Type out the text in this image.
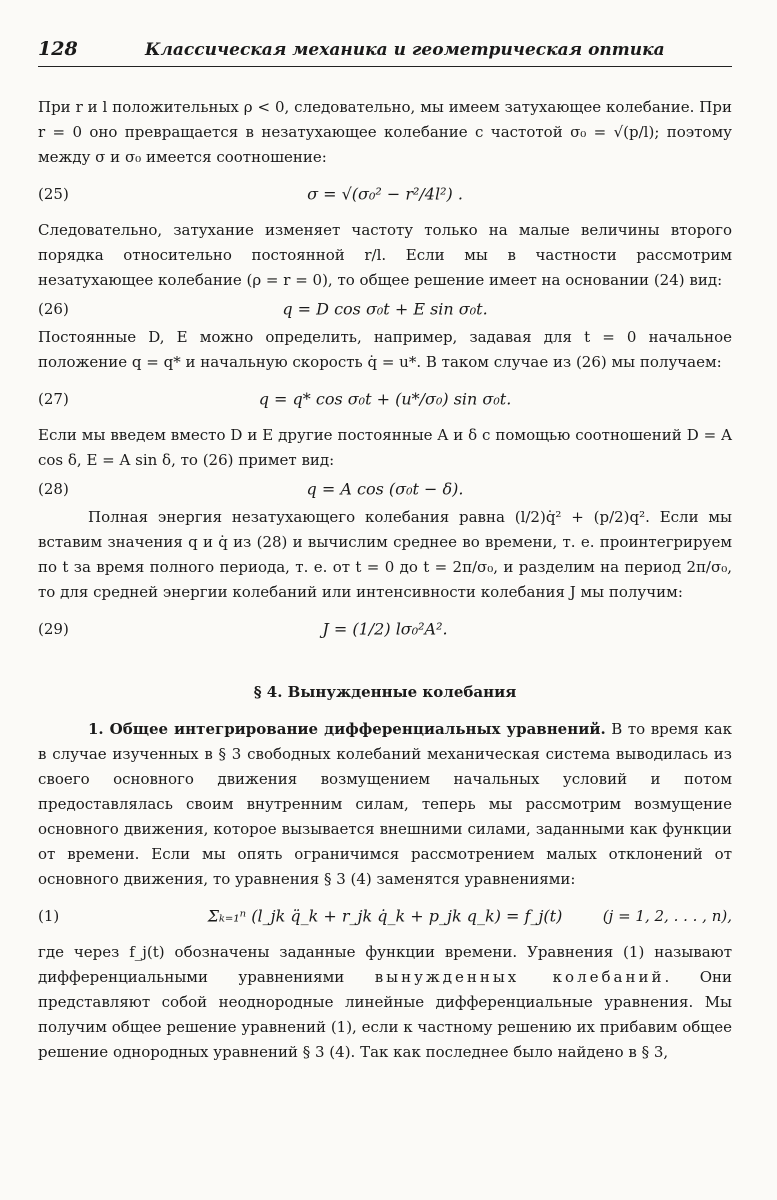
128	Классическая механика и геометрическая оптика

При r и l положительных ρ < 0, следовательно, мы имеем затухающее колебание. При r = 0 оно превращается в незатухающее колебание с частотой σ₀ = √(p/l); поэтому между σ и σ₀ имеется соотношение:

(25)	σ = √(σ₀² − r²/4l²) .

Следовательно, затухание изменяет частоту только на малые величины второго порядка относительно постоянной r/l. Если мы в частности рассмотрим незатухающее колебание (ρ = r = 0), то общее решение имеет на основании (24) вид:

(26)	q = D cos σ₀t + E sin σ₀t.

Постоянные D, E можно определить, например, задавая для t = 0 начальное положение q = q* и начальную скорость q̇ = u*. В таком случае из (26) мы получаем:

(27)	q = q* cos σ₀t + (u*/σ₀) sin σ₀t.

Если мы введем вместо D и E другие постоянные A и δ с помощью соотношений D = A cos δ, E = A sin δ, то (26) примет вид:

(28)	q = A cos (σ₀t − δ).

Полная энергия незатухающего колебания равна (l/2)q̇² + (p/2)q². Если мы вставим значения q и q̇ из (28) и вычислим среднее во времени, т. е. проинтегрируем по t за время полного периода, т. е. от t = 0 до t = 2π/σ₀, и разделим на период 2π/σ₀, то для средней энергии колебаний или интенсивности колебания J мы получим:

(29)	J = (1/2) lσ₀²A².
§ 4. Вынужденные колебания

1. Общее интегрирование дифференциальных уравнений. В то время как в случае изученных в § 3 свободных колебаний механическая система выводилась из своего основного движения возмущением начальных условий и потом предоставлялась своим внутренним силам, теперь мы рассмотрим возмущение основного движения, которое вызывается внешними силами, заданными как функции от времени. Если мы опять ограничимся рассмотрением малых отклонений от основного движения, то уравнения § 3 (4) заменятся уравнениями:

(1)	Σₖ₌₁ⁿ (l_jk q̈_k + r_jk q̇_k + p_jk q_k) = f_j(t)	(j = 1, 2, . . . , n),

где через f_j(t) обозначены заданные функции времени. Уравнения (1) называют дифференциальными уравнениями вынужденных колебаний. Они представляют собой неоднородные линейные дифференциальные уравнения. Мы получим общее решение уравнений (1), если к частному решению их прибавим общее решение однородных уравнений § 3 (4). Так как последнее было найдено в § 3,
